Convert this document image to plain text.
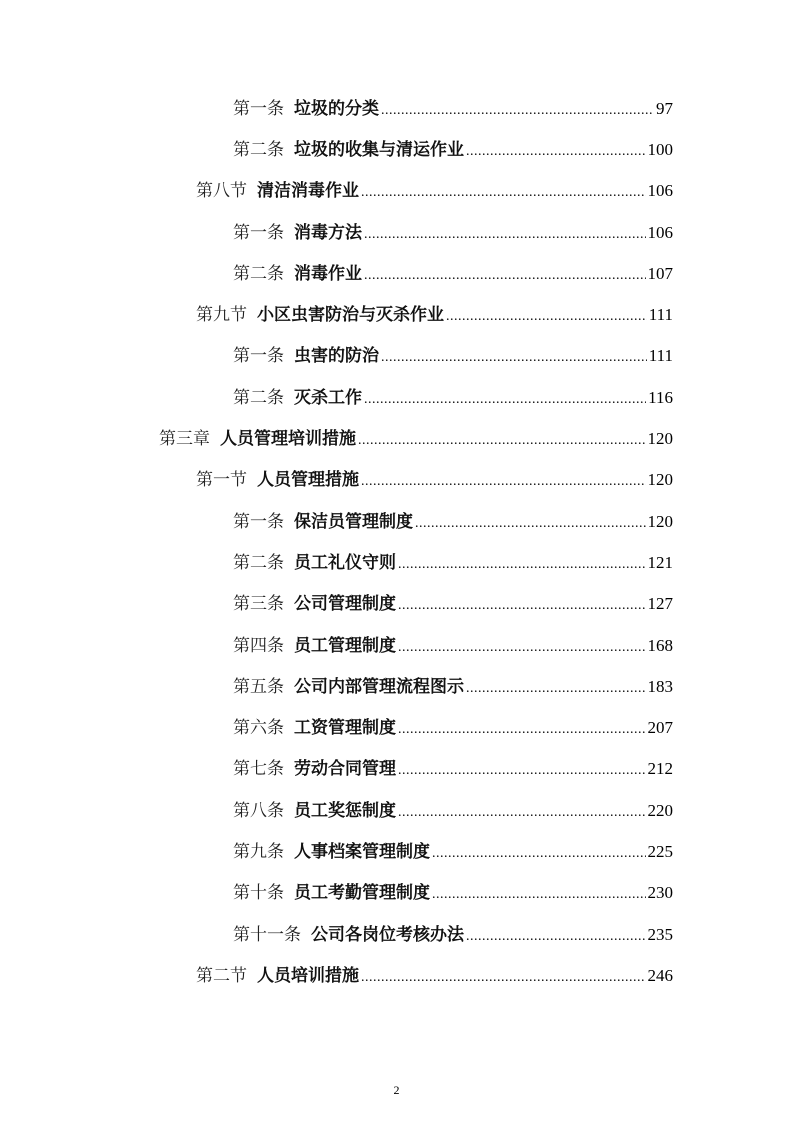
第一条 垃圾的分类 .....	97
第二条 垃圾的收集与清运作业 .....	100
第八节 清洁消毒作业 .....	106
第一条 消毒方法 .....	106
第二条 消毒作业 .....	107
第九节 小区虫害防治与灭杀作业 .....	111
第一条 虫害的防治 .....	111
第二条 灭杀工作 .....	116
第三章 人员管理培训措施 .....	120
第一节 人员管理措施 .....	120
第一条 保洁员管理制度 .....	120
第二条 员工礼仪守则 .....	121
第三条 公司管理制度 .....	127
第四条 员工管理制度 .....	168
第五条 公司内部管理流程图示 .....	183
第六条 工资管理制度 .....	207
第七条 劳动合同管理 .....	212
第八条 员工奖惩制度 .....	220
第九条 人事档案管理制度 .....	225
第十条 员工考勤管理制度 .....	230
第十一条 公司各岗位考核办法 .....	235
第二节 人员培训措施 .....	246
2
